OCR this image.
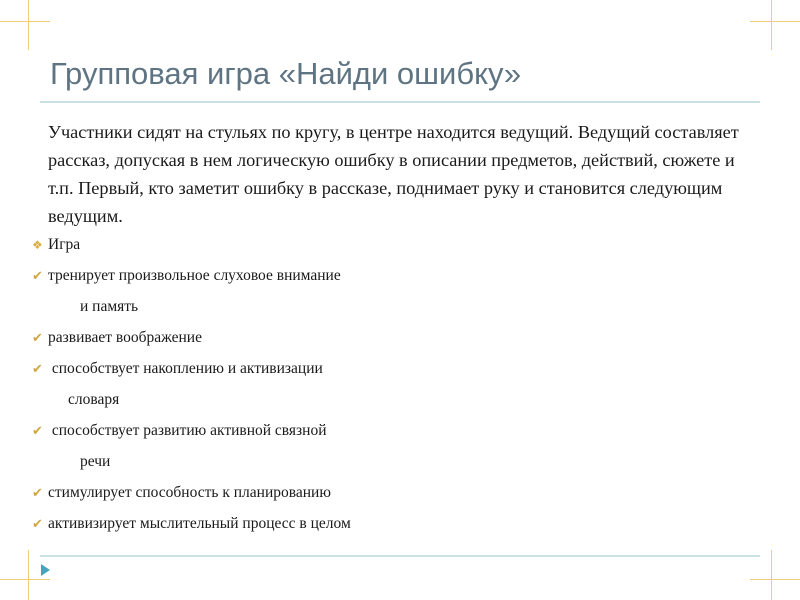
Групповая игра «Найди ошибку»

Участники сидят на стульях по кругу, в центре находится ведущий. Ведущий составляет рассказ, допуская в нем логическую ошибку в описании предметов, действий, сюжете и т.п. Первый, кто заметит ошибку в рассказе, поднимает руку и становится следующим ведущим.

❖ Игра
✔ тренирует произвольное слуховое внимание
и память
✔ развивает воображение
✔ способствует накоплению и активизации
словаря
✔ способствует развитию активной связной
речи
✔ стимулирует способность к планированию
✔ активизирует мыслительный процесс в целом
